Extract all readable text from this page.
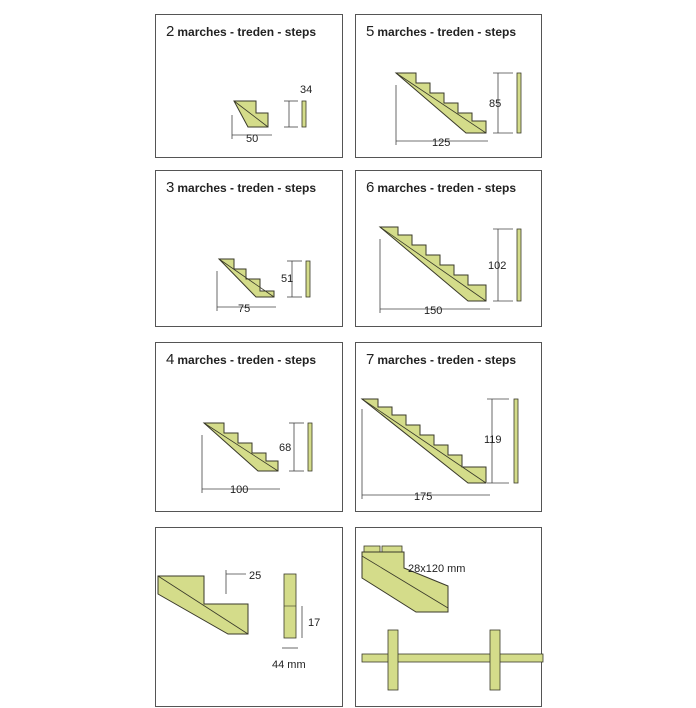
2 marches - treden - steps
50
34
3 marches - treden - steps
75
51
4 marches - treden - steps
100
68
5 marches - treden - steps
125
85
6 marches - treden - steps
150
102
7 marches - treden - steps
175
119
25
17
44 mm
28x120 mm
